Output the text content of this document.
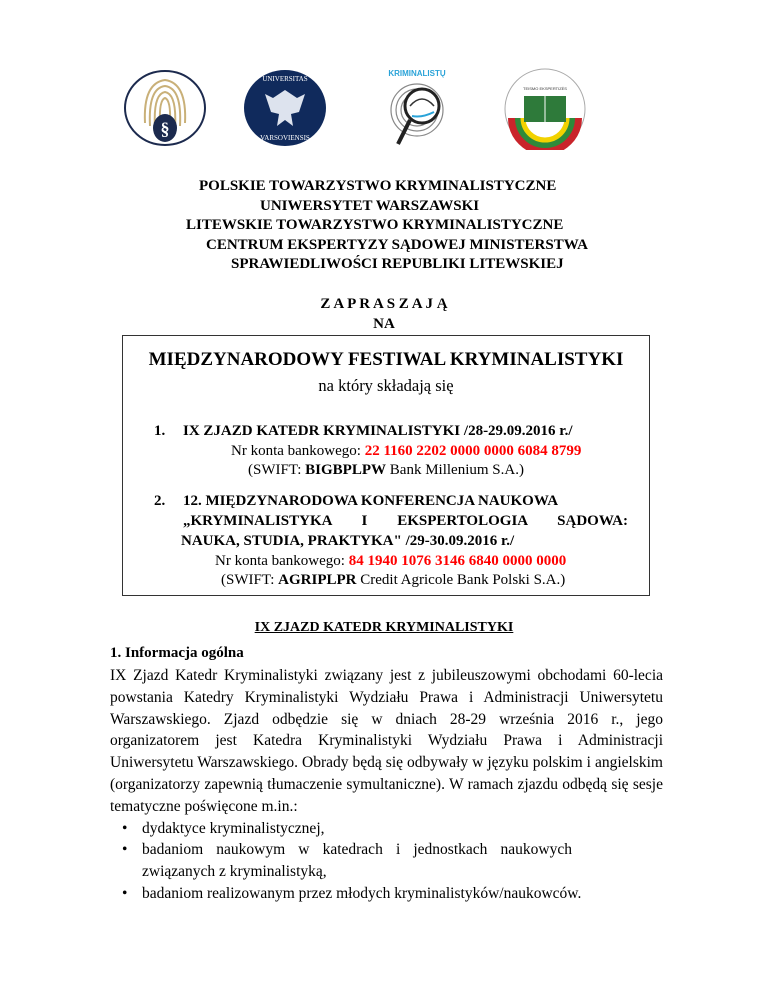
§
UNIVERSITAS
VARSOVIENSIS
KRIMINALISTŲ
TEISMO EKSPERTIZĖS
POLSKIE TOWARZYSTWO KRYMINALISTYCZNE
UNIWERSYTET WARSZAWSKI
LITEWSKIE TOWARZYSTWO KRYMINALISTYCZNE
CENTRUM EKSPERTYZY SĄDOWEJ MINISTERSTWA
SPRAWIEDLIWOŚCI REPUBLIKI LITEWSKIEJ
Z A P R A S Z A J Ą
NA
MIĘDZYNARODOWY FESTIWAL KRYMINALISTYKI
na który składają się
1. IX ZJAZD KATEDR KRYMINALISTYKI /28-29.09.2016 r./
Nr konta bankowego: 22 1160 2202 0000 0000 6084 8799
(SWIFT: BIGBPLPW Bank Millenium S.A.)
2. 12. MIĘDZYNARODOWA KONFERENCJA NAUKOWA
„KRYMINALISTYKA I EKSPERTOLOGIA SĄDOWA:
NAUKA, STUDIA, PRAKTYKA" /29-30.09.2016 r./
Nr konta bankowego: 84 1940 1076 3146 6840 0000 0000
(SWIFT: AGRIPLPR Credit Agricole Bank Polski S.A.)
IX ZJAZD KATEDR KRYMINALISTYKI
1. Informacja ogólna
IX Zjazd Katedr Kryminalistyki związany jest z jubileuszowymi obchodami 60-lecia powstania Katedry Kryminalistyki Wydziału Prawa i Administracji Uniwersytetu Warszawskiego. Zjazd odbędzie się w dniach 28-29 września 2016 r., jego organizatorem jest Katedra Kryminalistyki Wydziału Prawa i Administracji Uniwersytetu Warszawskiego. Obrady będą się odbywały w języku polskim i angielskim (organizatorzy zapewnią tłumaczenie symultaniczne). W ramach zjazdu odbędą się sesje tematyczne poświęcone m.in.:
• dydaktyce kryminalistycznej,
• badaniom naukowym w katedrach i jednostkach naukowych związanych z kryminalistyką,
• badaniom realizowanym przez młodych kryminalistyków/naukowców.
